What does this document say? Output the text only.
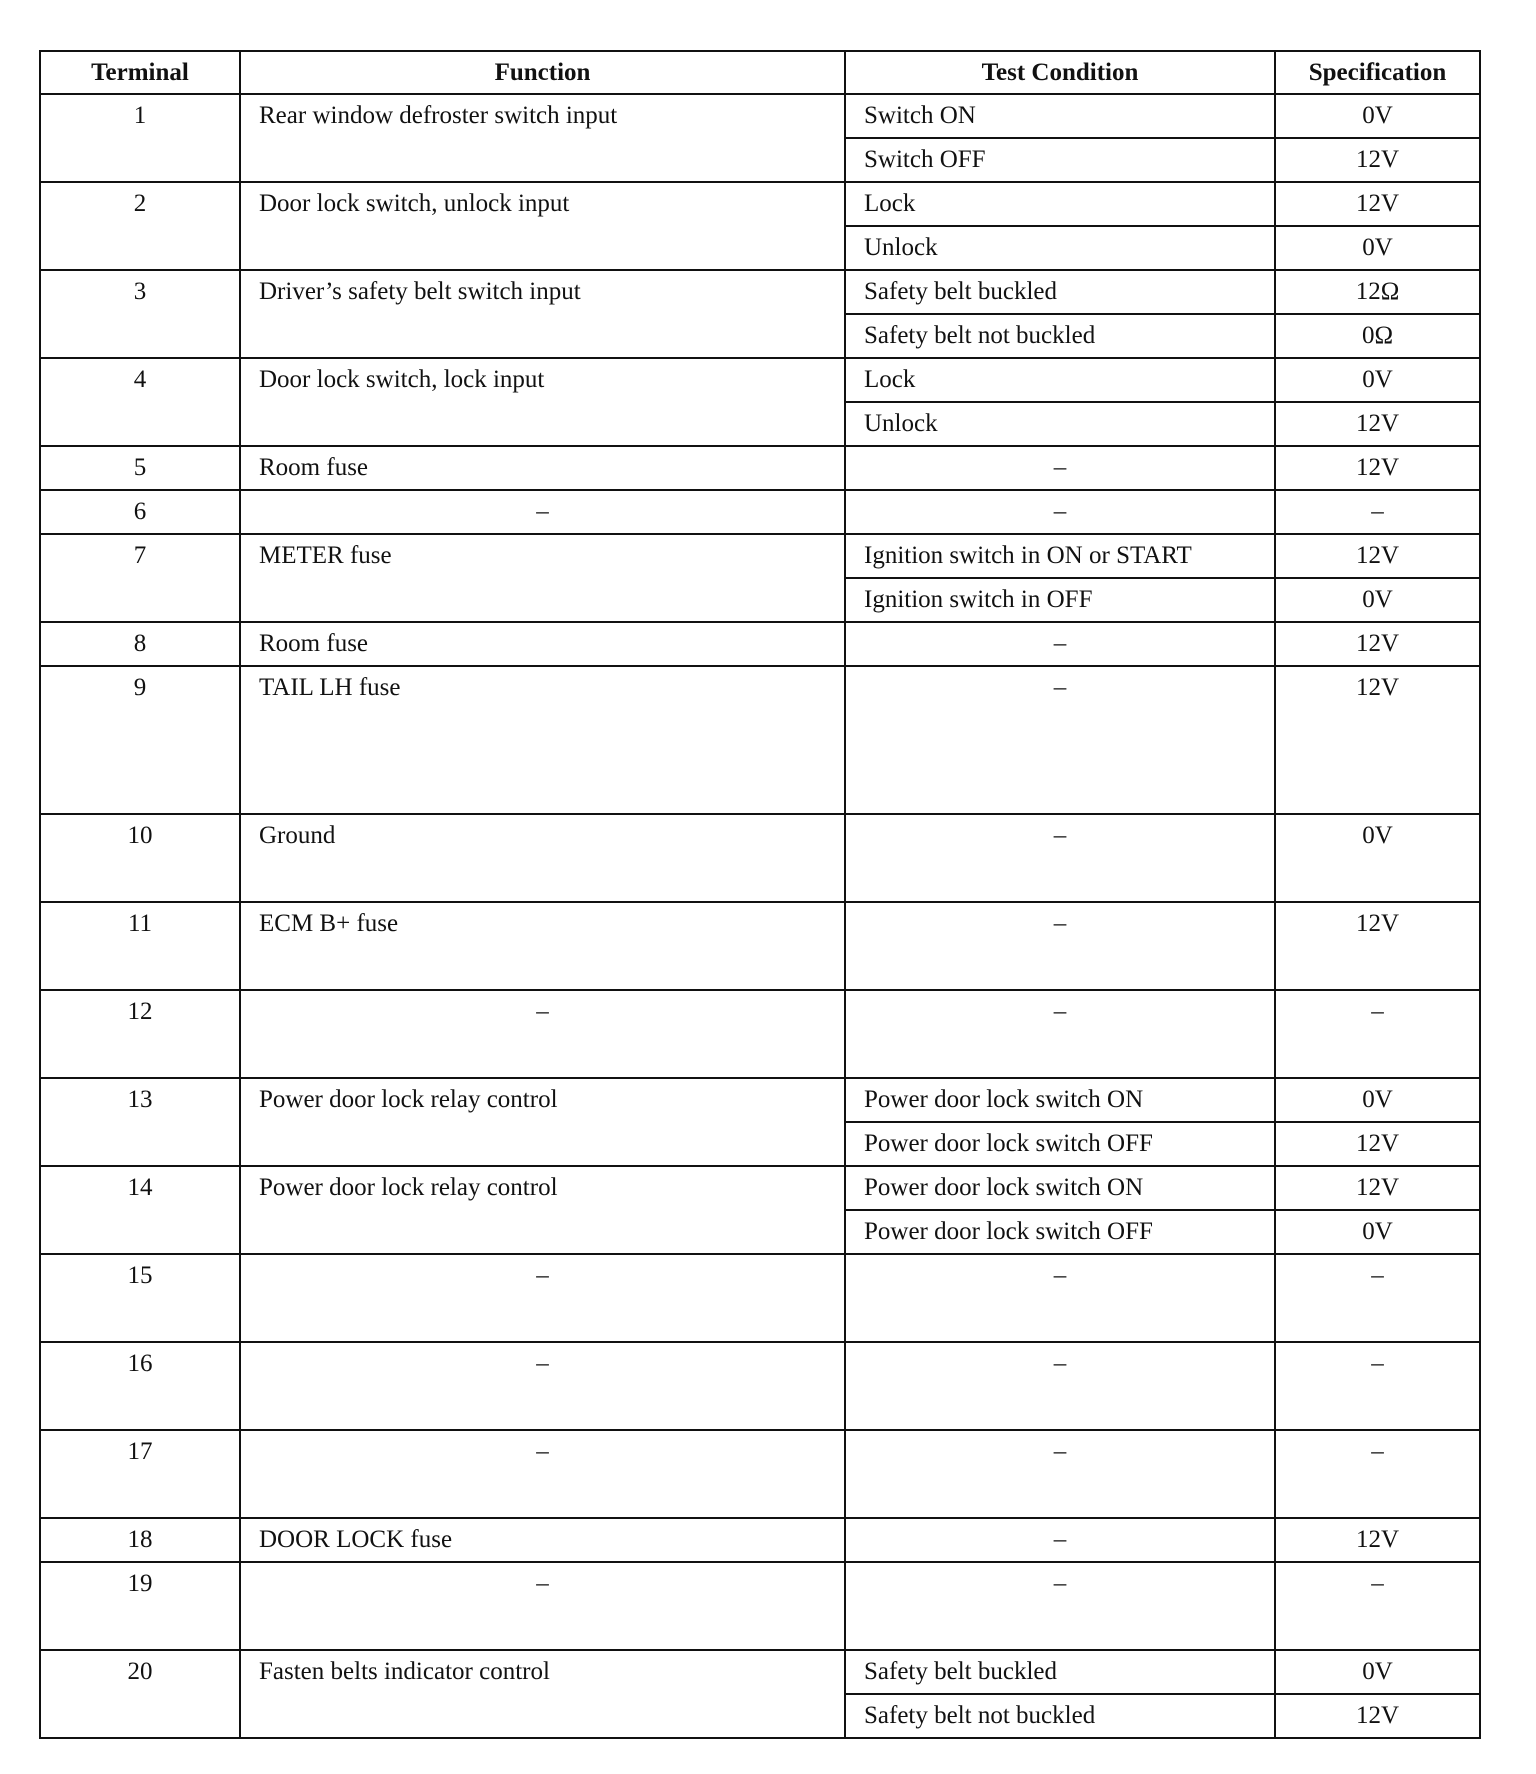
Terminal	Function	Test Condition	Specification
1	Rear window defroster switch input	Switch ON	0V
		Switch OFF	12V
2	Door lock switch, unlock input	Lock	12V
		Unlock	0V
3	Driver’s safety belt switch input	Safety belt buckled	12Ω
		Safety belt not buckled	0Ω
4	Door lock switch, lock input	Lock	0V
		Unlock	12V
5	Room fuse	–	12V
6	–	–	–
7	METER fuse	Ignition switch in ON or START	12V
		Ignition switch in OFF	0V
8	Room fuse	–	12V
9	TAIL LH fuse	–	12V
10	Ground	–	0V
11	ECM B+ fuse	–	12V
12	–	–	–
13	Power door lock relay control	Power door lock switch ON	0V
		Power door lock switch OFF	12V
14	Power door lock relay control	Power door lock switch ON	12V
		Power door lock switch OFF	0V
15	–	–	–
16	–	–	–
17	–	–	–
18	DOOR LOCK fuse	–	12V
19	–	–	–
20	Fasten belts indicator control	Safety belt buckled	0V
		Safety belt not buckled	12V
